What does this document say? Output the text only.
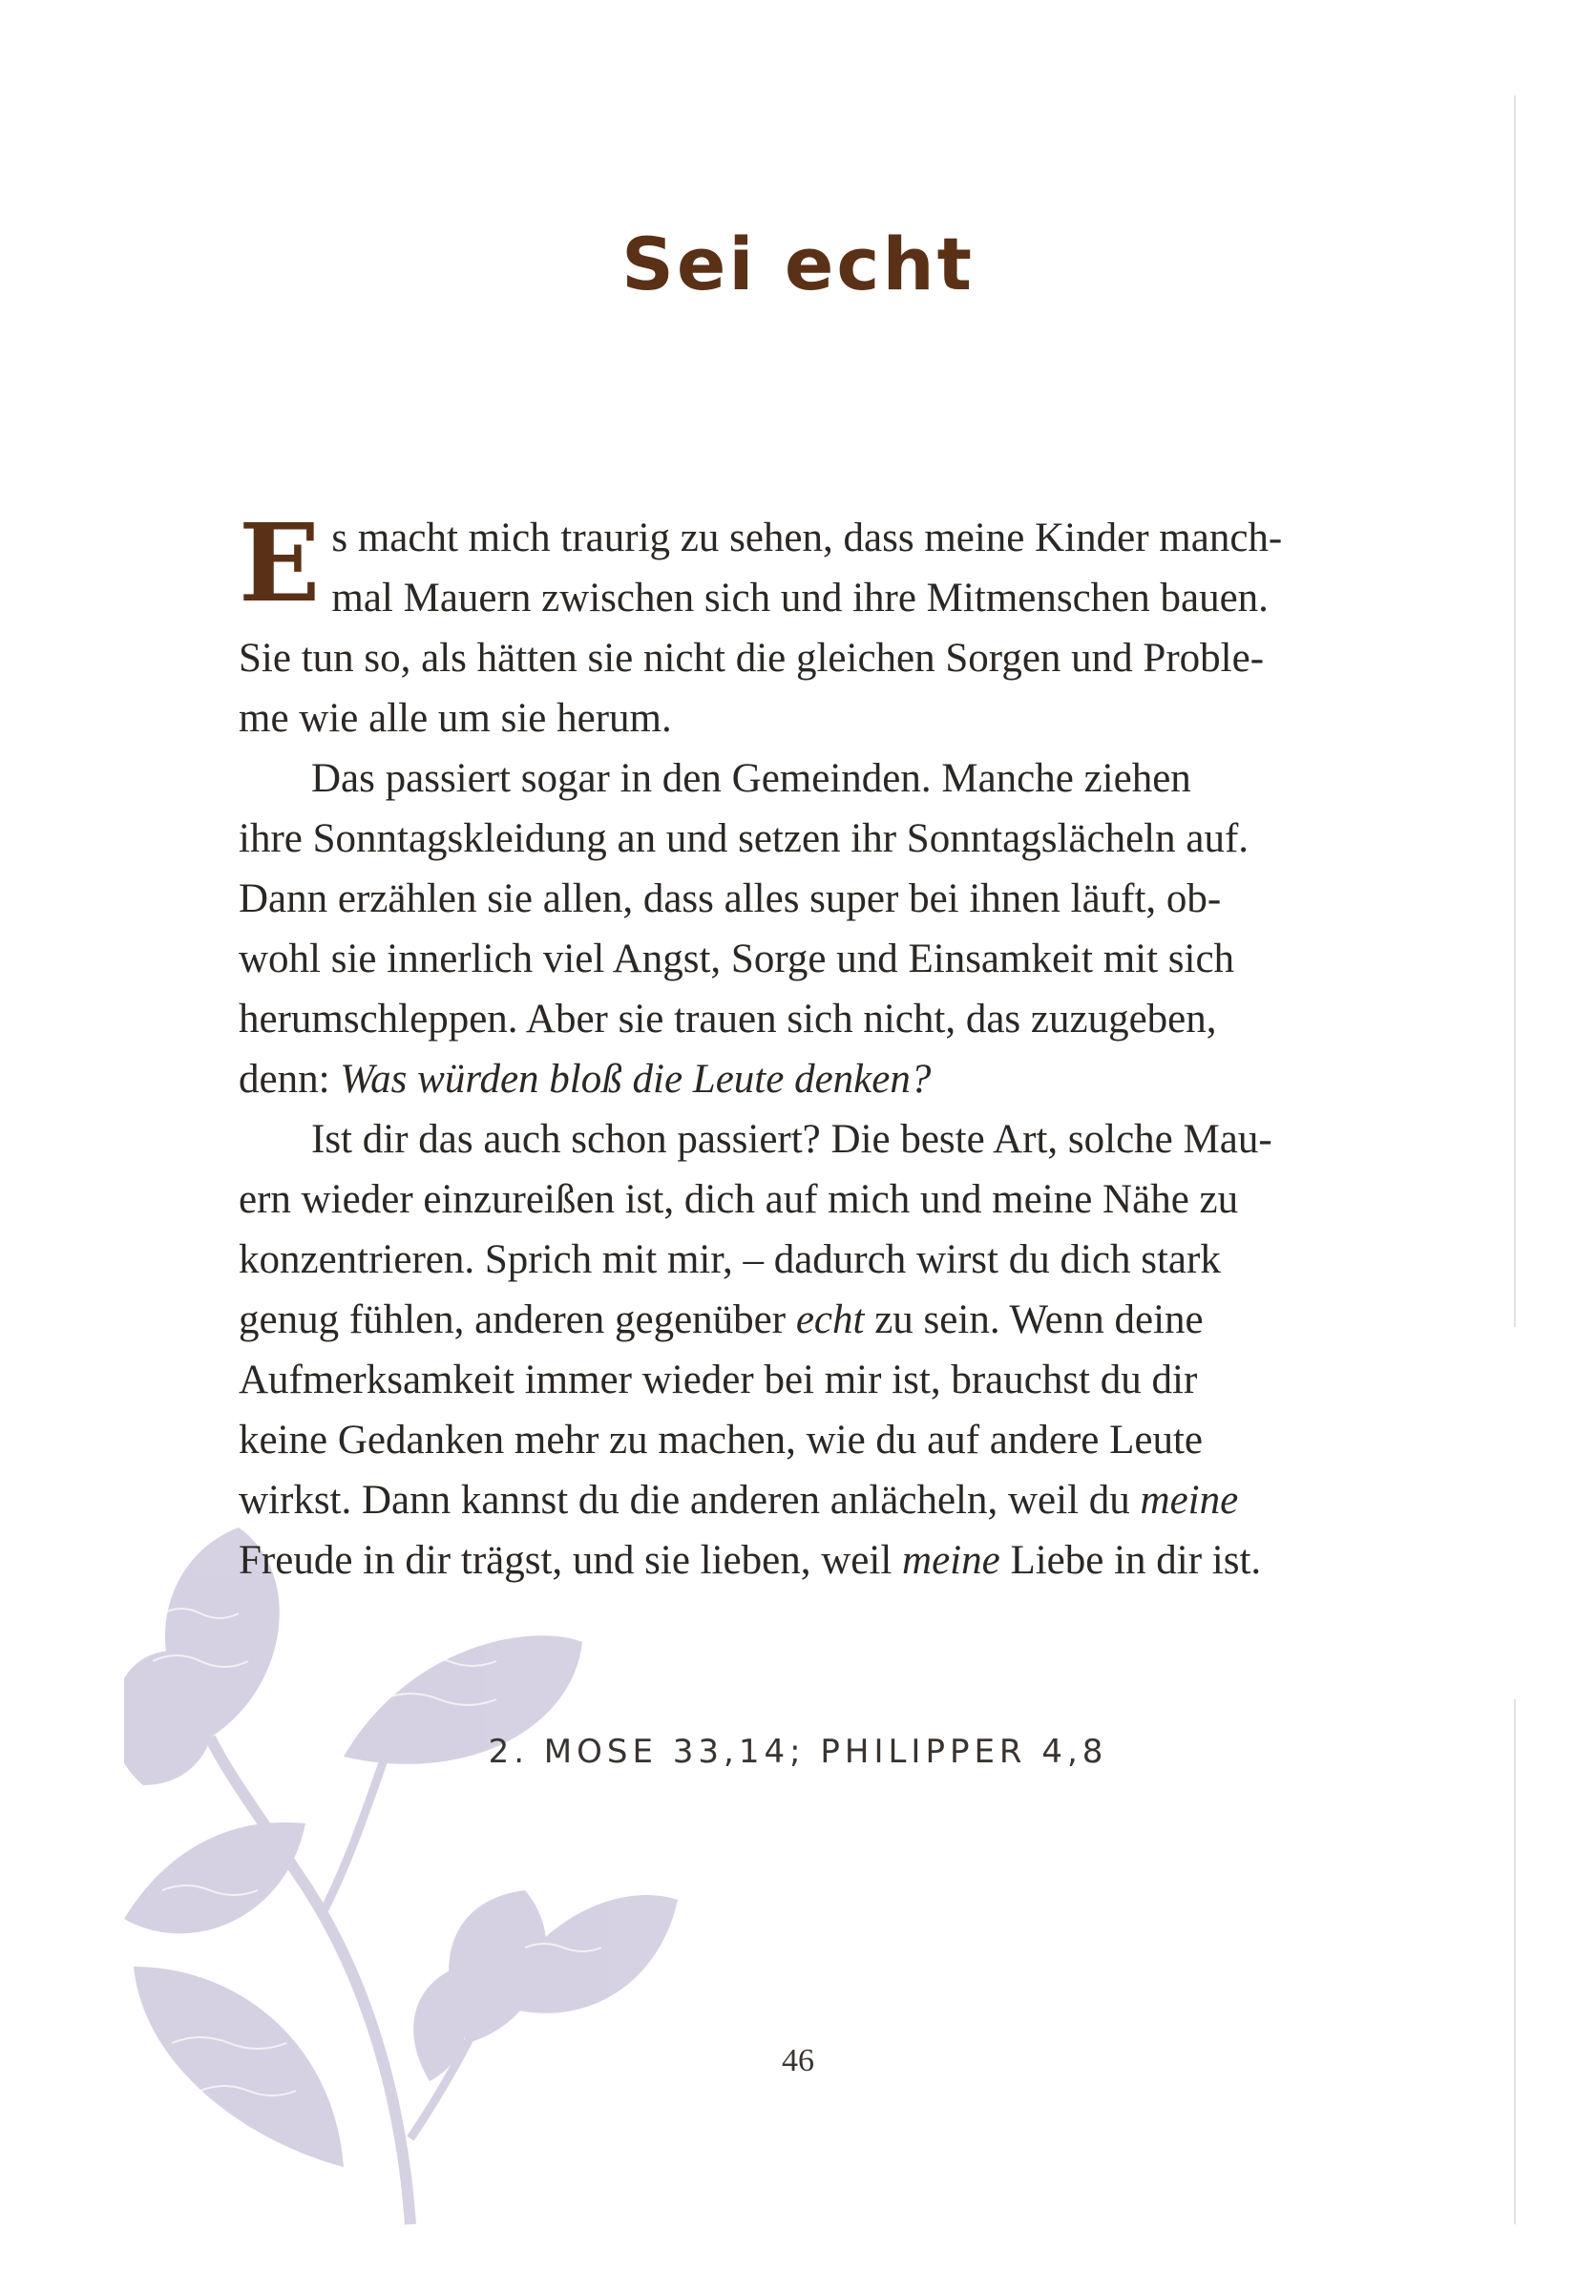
Sei echt

E s macht mich traurig zu sehen, dass meine Kinder manch-
mal Mauern zwischen sich und ihre Mitmenschen bauen.
Sie tun so, als hätten sie nicht die gleichen Sorgen und Proble-
me wie alle um sie herum.

Das passiert sogar in den Gemeinden. Manche ziehen
ihre Sonntagskleidung an und setzen ihr Sonntagslächeln auf.
Dann erzählen sie allen, dass alles super bei ihnen läuft, ob-
wohl sie innerlich viel Angst, Sorge und Einsamkeit mit sich
herumschleppen. Aber sie trauen sich nicht, das zuzugeben,
denn: Was würden bloß die Leute denken?

Ist dir das auch schon passiert? Die beste Art, solche Mau-
ern wieder einzureißen ist, dich auf mich und meine Nähe zu
konzentrieren. Sprich mit mir, – dadurch wirst du dich stark
genug fühlen, anderen gegenüber echt zu sein. Wenn deine
Aufmerksamkeit immer wieder bei mir ist, brauchst du dir
keine Gedanken mehr zu machen, wie du auf andere Leute
wirkst. Dann kannst du die anderen anlächeln, weil du meine
Freude in dir trägst, und sie lieben, weil meine Liebe in dir ist.

2. MOSE 33,14; PHILIPPER 4,8
46
